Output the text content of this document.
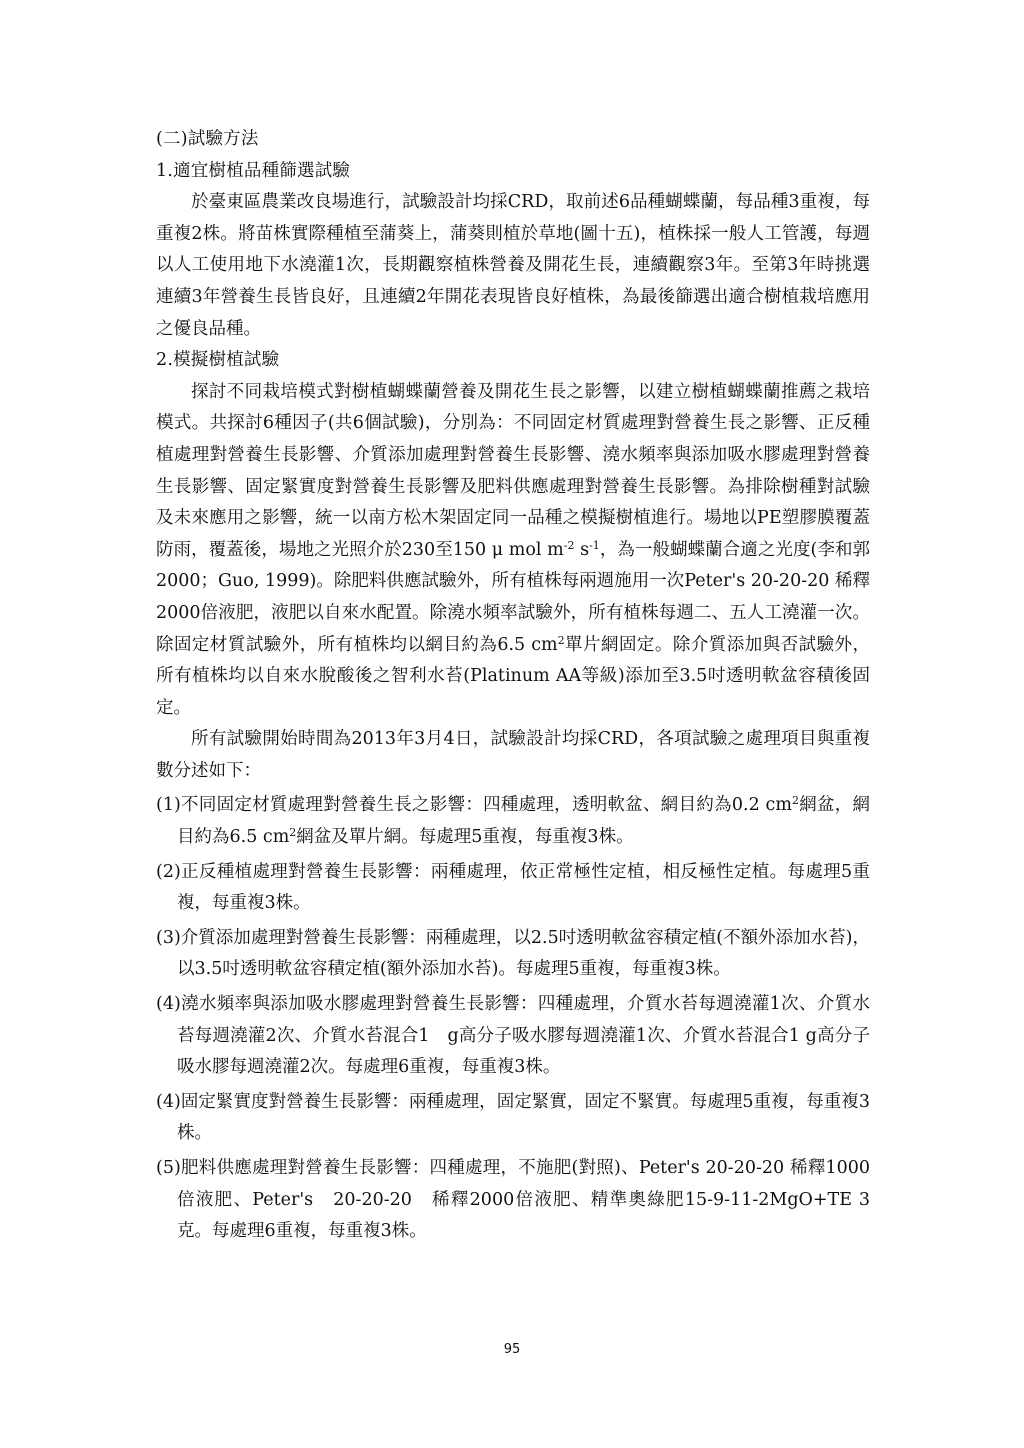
(二)試驗方法

1.適宜樹植品種篩選試驗

於臺東區農業改良場進行，試驗設計均採CRD，取前述6品種蝴蝶蘭，每品種3重複，每重複2株。將苗株實際種植至蒲葵上，蒲葵則植於草地(圖十五)，植株採一般人工管護，每週以人工使用地下水澆灌1次，長期觀察植株營養及開花生長，連續觀察3年。至第3年時挑選連續3年營養生長皆良好，且連續2年開花表現皆良好植株，為最後篩選出適合樹植栽培應用之優良品種。

2.模擬樹植試驗

探討不同栽培模式對樹植蝴蝶蘭營養及開花生長之影響，以建立樹植蝴蝶蘭推薦之栽培模式。共探討6種因子(共6個試驗)，分別為：不同固定材質處理對營養生長之影響、正反種植處理對營養生長影響、介質添加處理對營養生長影響、澆水頻率與添加吸水膠處理對營養生長影響、固定緊實度對營養生長影響及肥料供應處理對營養生長影響。為排除樹種對試驗及未來應用之影響，統一以南方松木架固定同一品種之模擬樹植進行。場地以PE塑膠膜覆蓋防雨，覆蓋後，場地之光照介於230至150 μ mol $m^{-2}$ $s^{-1}$，為一般蝴蝶蘭合適之光度(李和郭　2000；Guo, 1999)。除肥料供應試驗外，所有植株每兩週施用一次Peter's 20-20-20 稀釋2000倍液肥，液肥以自來水配置。除澆水頻率試驗外，所有植株每週二、五人工澆灌一次。除固定材質試驗外，所有植株均以網目約為6.5 $cm^2$單片網固定。除介質添加與否試驗外，所有植株均以自來水脫酸後之智利水苔(Platinum AA等級)添加至3.5吋透明軟盆容積後固定。

所有試驗開始時間為2013年3月4日，試驗設計均採CRD，各項試驗之處理項目與重複數分述如下：

(1)不同固定材質處理對營養生長之影響：四種處理，透明軟盆、網目約為0.2 $cm^2$網盆，網目約為6.5 $cm^2$網盆及單片網。每處理5重複，每重複3株。

(2)正反種植處理對營養生長影響：兩種處理，依正常極性定植，相反極性定植。每處理5重複，每重複3株。

(3)介質添加處理對營養生長影響：兩種處理，以2.5吋透明軟盆容積定植(不額外添加水苔)，以3.5吋透明軟盆容積定植(額外添加水苔)。每處理5重複，每重複3株。

(4)澆水頻率與添加吸水膠處理對營養生長影響：四種處理，介質水苔每週澆灌1次、介質水苔每週澆灌2次、介質水苔混合1　g高分子吸水膠每週澆灌1次、介質水苔混合1 g高分子吸水膠每週澆灌2次。每處理6重複，每重複3株。

(4)固定緊實度對營養生長影響：兩種處理，固定緊實，固定不緊實。每處理5重複，每重複3株。

(5)肥料供應處理對營養生長影響：四種處理，不施肥(對照)、Peter's 20-20-20 稀釋1000倍液肥、Peter's　20-20-20　稀釋2000倍液肥、精準奧綠肥15-9-11-2MgO+TE 3克。每處理6重複，每重複3株。

95
